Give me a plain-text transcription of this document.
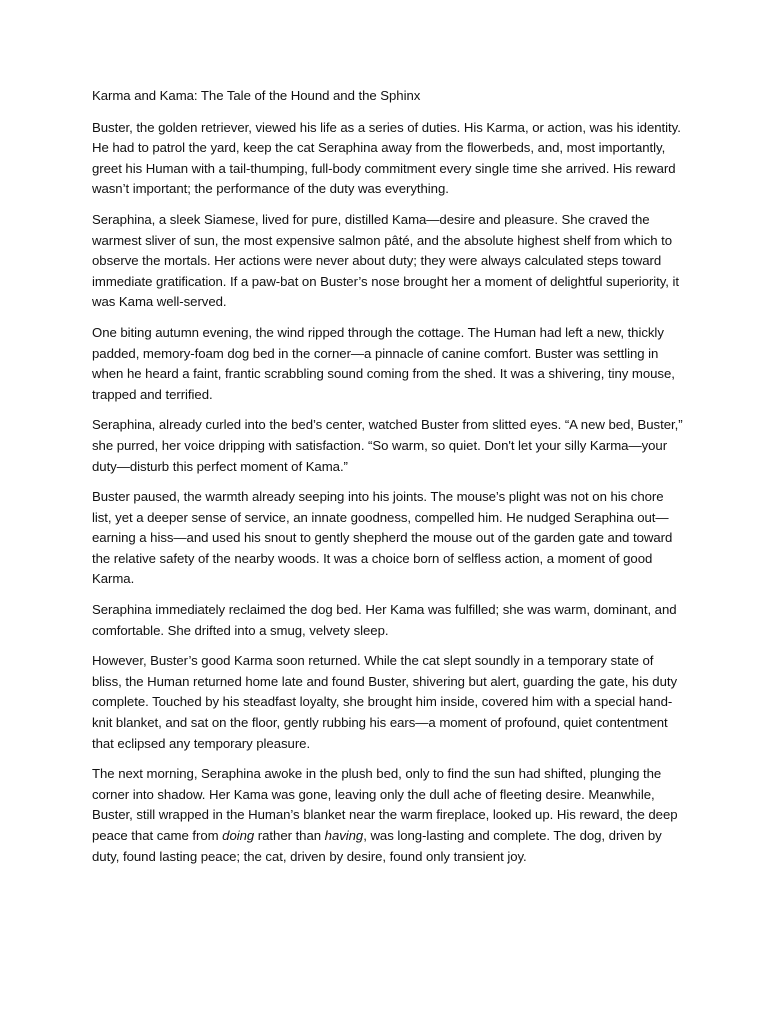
Karma and Kama: The Tale of the Hound and the Sphinx

Buster, the golden retriever, viewed his life as a series of duties. His Karma, or action, was his identity. He had to patrol the yard, keep the cat Seraphina away from the flowerbeds, and, most importantly, greet his Human with a tail-thumping, full-body commitment every single time she arrived. His reward wasn’t important; the performance of the duty was everything.

Seraphina, a sleek Siamese, lived for pure, distilled Kama—desire and pleasure. She craved the warmest sliver of sun, the most expensive salmon pâté, and the absolute highest shelf from which to observe the mortals. Her actions were never about duty; they were always calculated steps toward immediate gratification. If a paw-bat on Buster’s nose brought her a moment of delightful superiority, it was Kama well-served.

One biting autumn evening, the wind ripped through the cottage. The Human had left a new, thickly padded, memory-foam dog bed in the corner—a pinnacle of canine comfort. Buster was settling in when he heard a faint, frantic scrabbling sound coming from the shed. It was a shivering, tiny mouse, trapped and terrified.

Seraphina, already curled into the bed’s center, watched Buster from slitted eyes. “A new bed, Buster,” she purred, her voice dripping with satisfaction. “So warm, so quiet. Don't let your silly Karma—your duty—disturb this perfect moment of Kama.”

Buster paused, the warmth already seeping into his joints. The mouse’s plight was not on his chore list, yet a deeper sense of service, an innate goodness, compelled him. He nudged Seraphina out—earning a hiss—and used his snout to gently shepherd the mouse out of the garden gate and toward the relative safety of the nearby woods. It was a choice born of selfless action, a moment of good Karma.

Seraphina immediately reclaimed the dog bed. Her Kama was fulfilled; she was warm, dominant, and comfortable. She drifted into a smug, velvety sleep.

However, Buster’s good Karma soon returned. While the cat slept soundly in a temporary state of bliss, the Human returned home late and found Buster, shivering but alert, guarding the gate, his duty complete. Touched by his steadfast loyalty, she brought him inside, covered him with a special hand-knit blanket, and sat on the floor, gently rubbing his ears—a moment of profound, quiet contentment that eclipsed any temporary pleasure.

The next morning, Seraphina awoke in the plush bed, only to find the sun had shifted, plunging the corner into shadow. Her Kama was gone, leaving only the dull ache of fleeting desire. Meanwhile, Buster, still wrapped in the Human’s blanket near the warm fireplace, looked up. His reward, the deep peace that came from doing rather than having, was long-lasting and complete. The dog, driven by duty, found lasting peace; the cat, driven by desire, found only transient joy.
